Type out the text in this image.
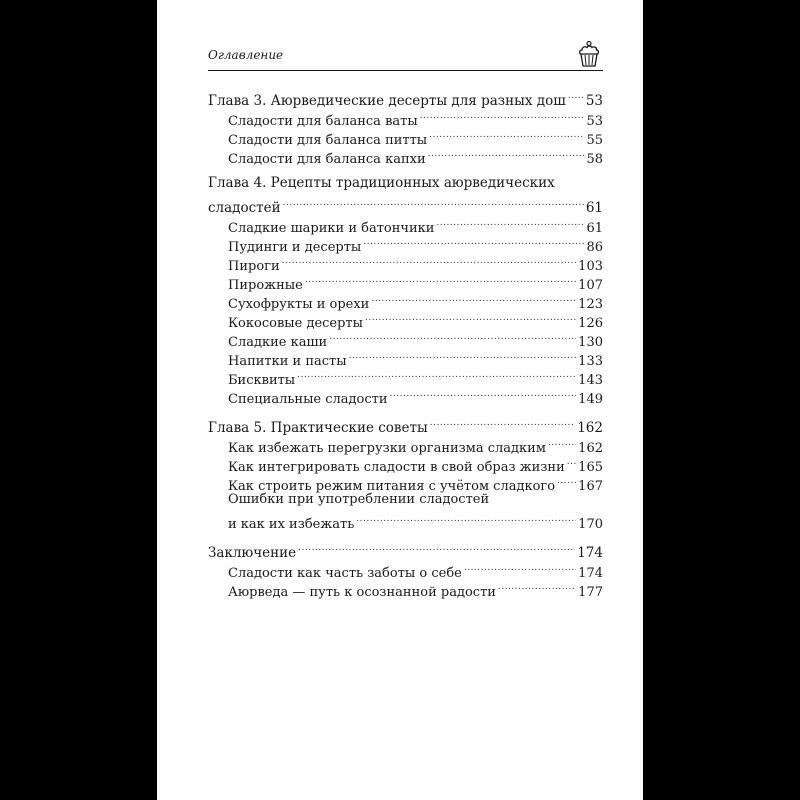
Оглавление
Глава 3. Аюрведические десерты для разных дош ..... 53
Сладости для баланса ваты .....	53
Сладости для баланса питты .....	55
Сладости для баланса капхи .....	58
Глава 4. Рецепты традиционных аюрведических
сладостей .....	61
Сладкие шарики и батончики .....	61
Пудинги и десерты .....	86
Пироги .....	103
Пирожные .....	107
Сухофрукты и орехи .....	123
Кокосовые десерты .....	126
Сладкие каши .....	130
Напитки и пасты .....	133
Бисквиты .....	143
Специальные сладости .....	149
Глава 5. Практические советы .....	162
Как избежать перегрузки организма сладким ..... 162
Как интегрировать сладости в свой образ жизни ..... 165
Как строить режим питания с учётом сладкого ..... 167
Ошибки при употреблении сладостей
и как их избежать .....	170
Заключение .....	174
Сладости как часть заботы о себе .....	174
Аюрведа — путь к осознанной радости .....	177
